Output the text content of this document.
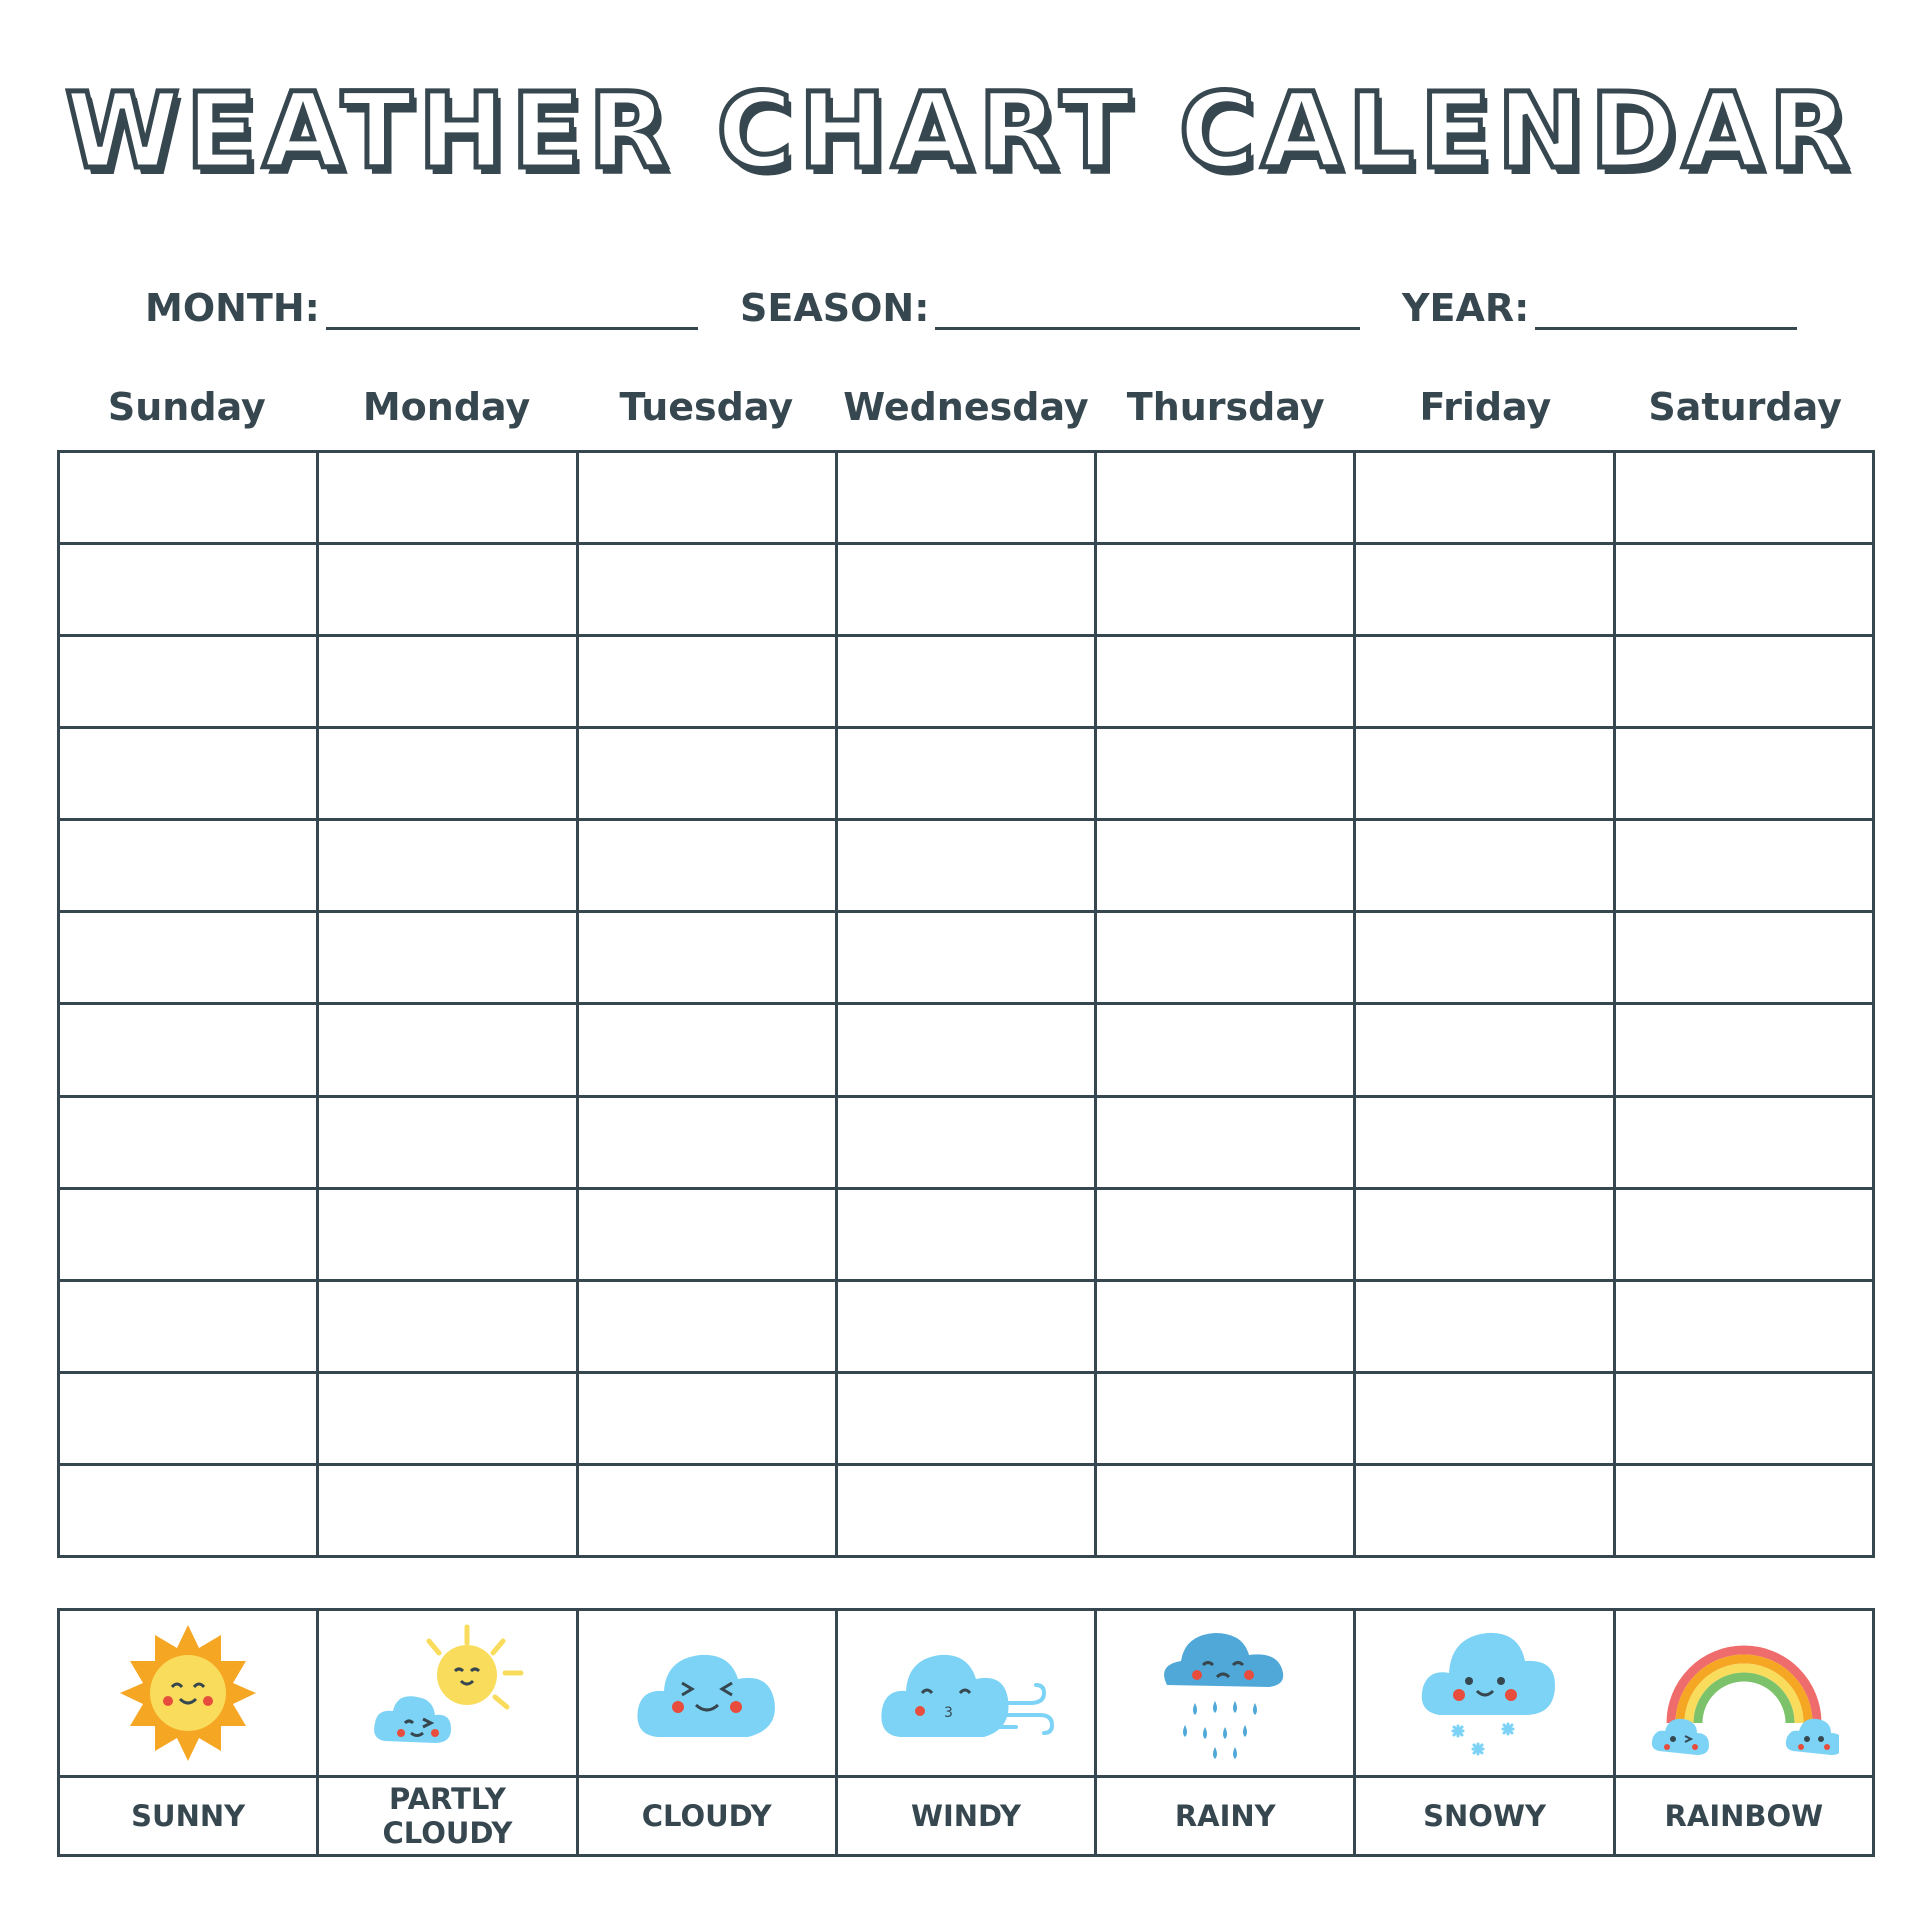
WEATHER CHART CALENDAR
MONTH:	SEASON:	YEAR:
Sunday	Monday	Tuesday	Wednesday	Thursday	Friday	Saturday

3

SUNNY	PARTLY CLOUDY	CLOUDY	WINDY	RAINY	SNOWY	RAINBOW
